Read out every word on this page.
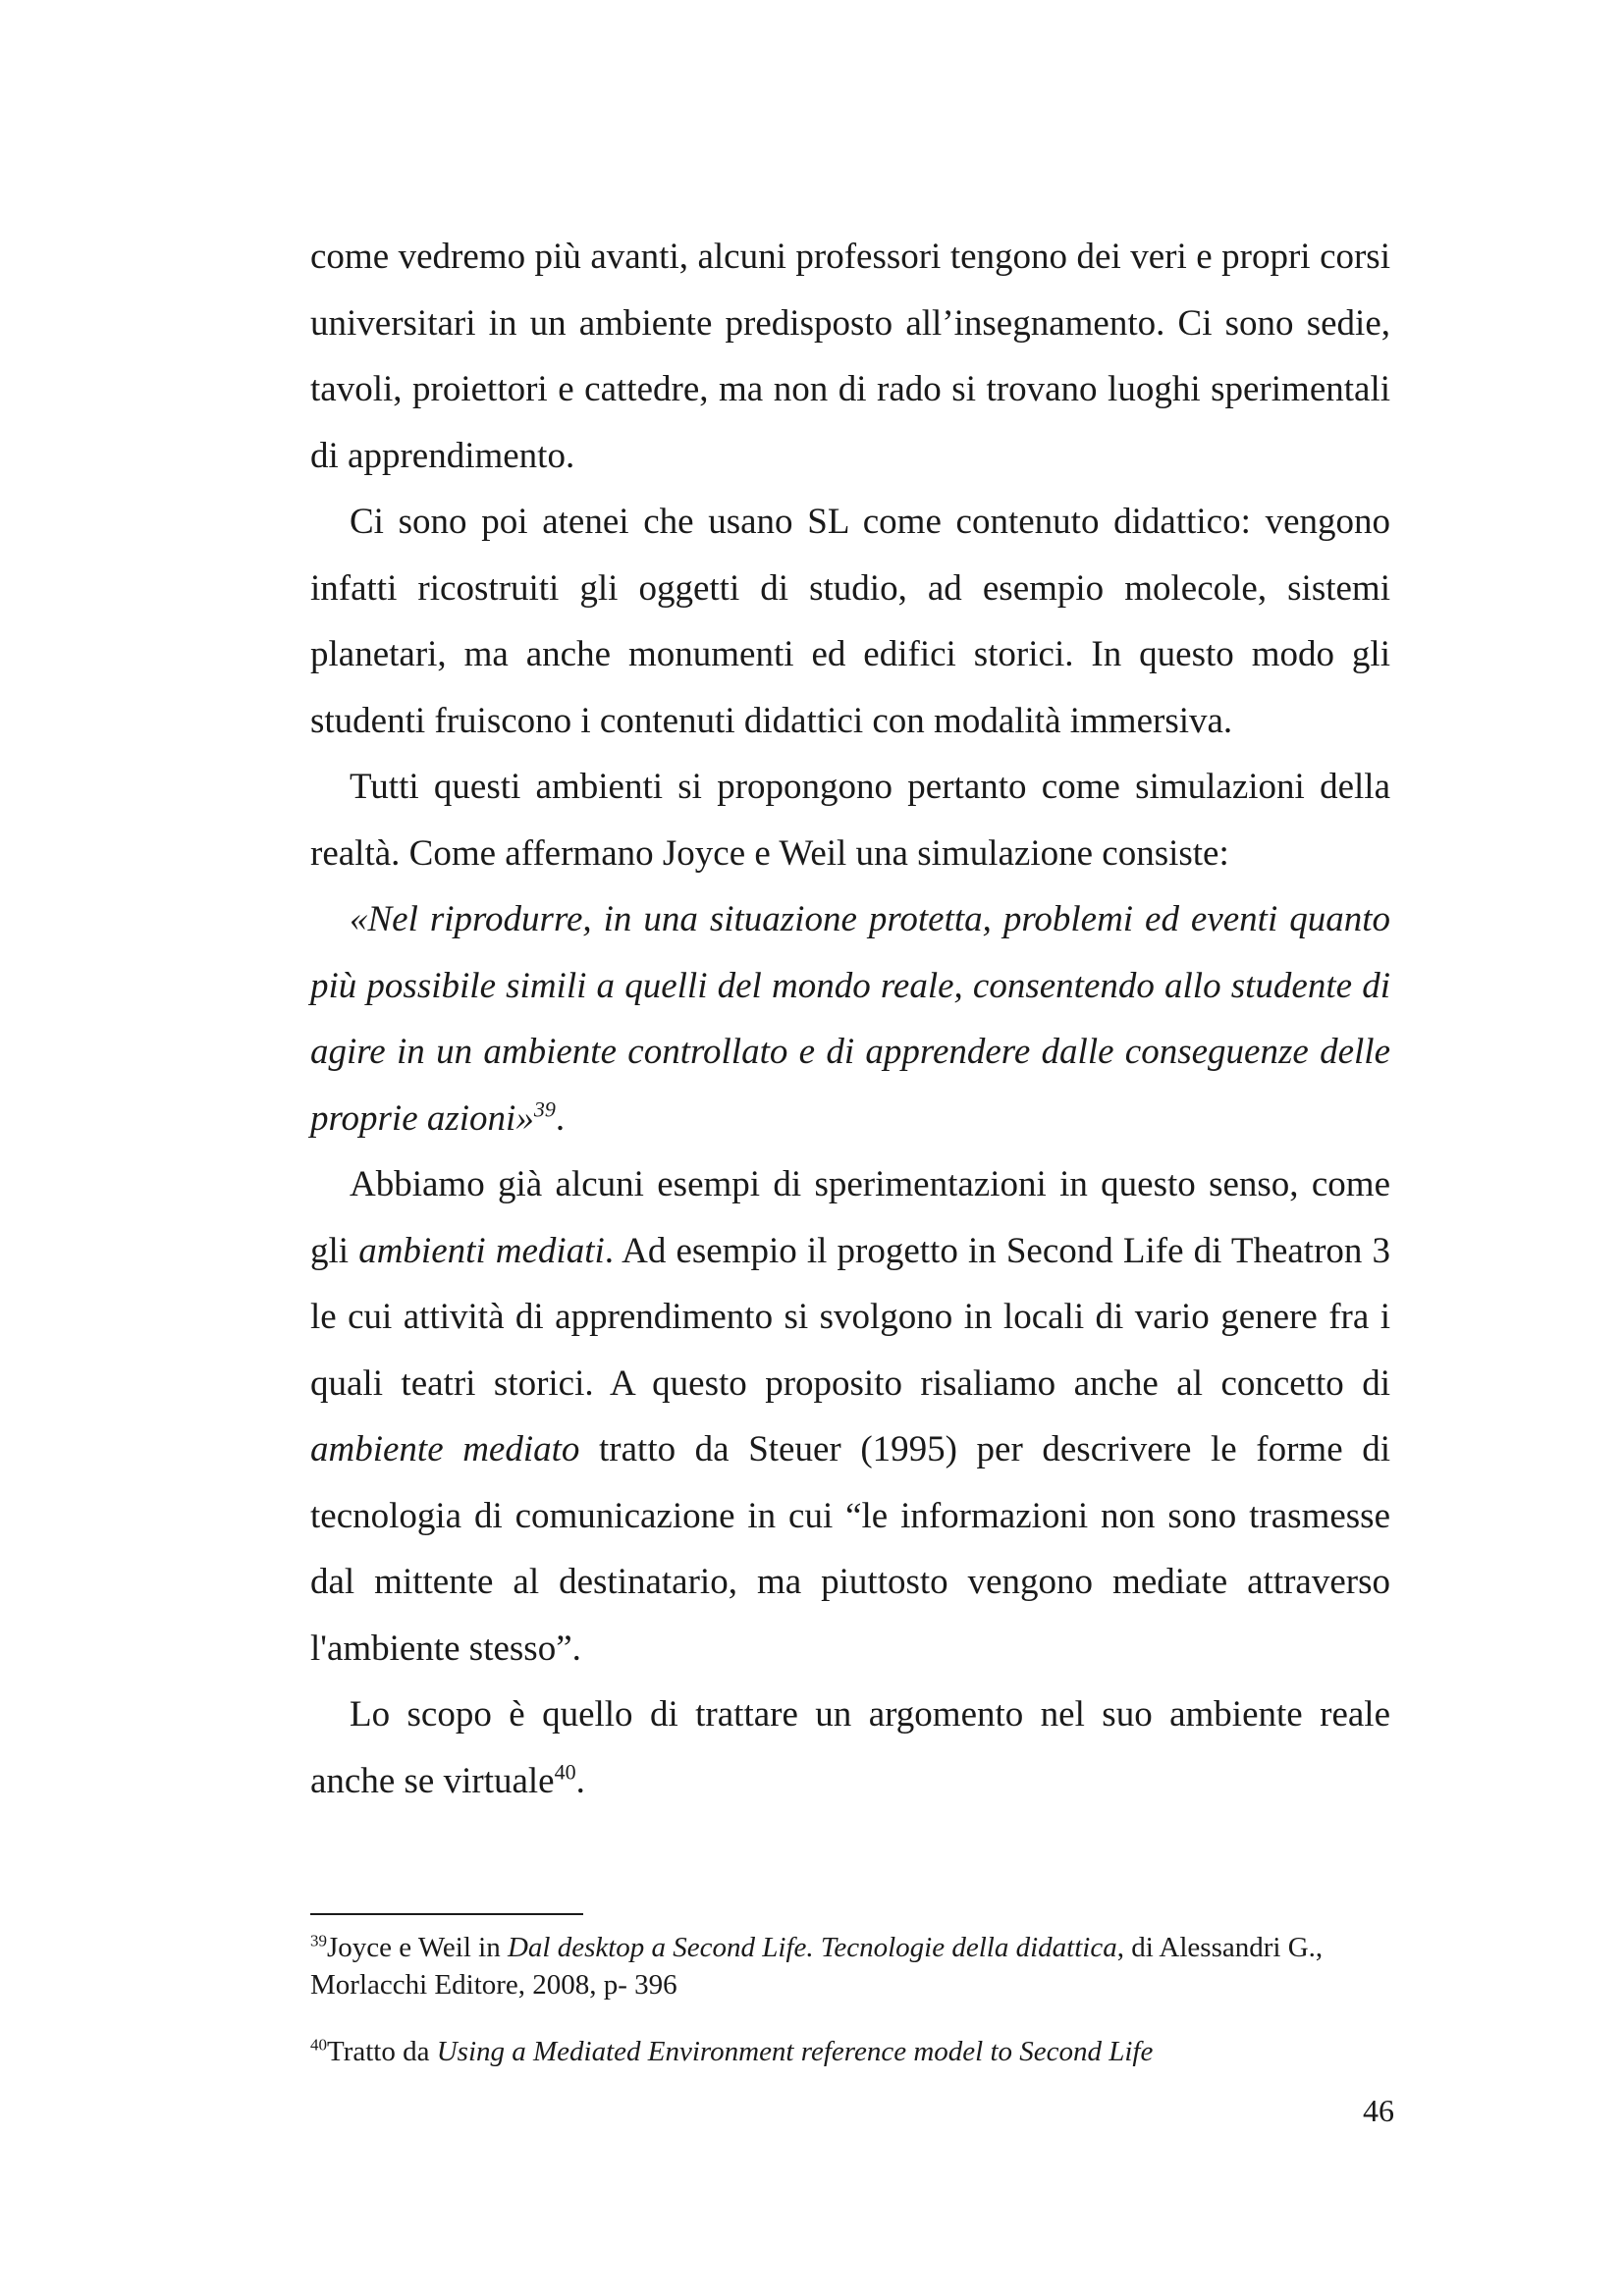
come vedremo più avanti, alcuni professori tengono dei veri e propri corsi universitari in un ambiente predisposto all’insegnamento. Ci sono sedie, tavoli, proiettori e cattedre, ma non di rado si trovano luoghi sperimentali di apprendimento.

Ci sono poi atenei che usano SL come contenuto didattico: vengono infatti ricostruiti gli oggetti di studio, ad esempio molecole, sistemi planetari, ma anche monumenti ed edifici storici. In questo modo gli studenti fruiscono i contenuti didattici con modalità immersiva.

Tutti questi ambienti si propongono pertanto come simulazioni della realtà. Come affermano Joyce e Weil una simulazione consiste:

«Nel riprodurre, in una situazione protetta, problemi ed eventi quanto più possibile simili a quelli del mondo reale, consentendo allo studente di agire in un ambiente controllato e di apprendere dalle conseguenze delle proprie azioni»$^{39}$.

Abbiamo già alcuni esempi di sperimentazioni in questo senso, come gli ambienti mediati. Ad esempio il progetto in Second Life di Theatron 3 le cui attività di apprendimento si svolgono in locali di vario genere fra i quali teatri storici. A questo proposito risaliamo anche al concetto di ambiente mediato tratto da Steuer (1995) per descrivere le forme di tecnologia di comunicazione in cui “le informazioni non sono trasmesse dal mittente al destinatario, ma piuttosto vengono mediate attraverso l'ambiente stesso”.

Lo scopo è quello di trattare un argomento nel suo ambiente reale anche se virtuale$^{40}$.

$^{39}$Joyce e Weil in Dal desktop a Second Life. Tecnologie della didattica, di Alessandri G., Morlacchi Editore, 2008, p- 396

$^{40}$Tratto da Using a Mediated Environment reference model to Second Life

46
